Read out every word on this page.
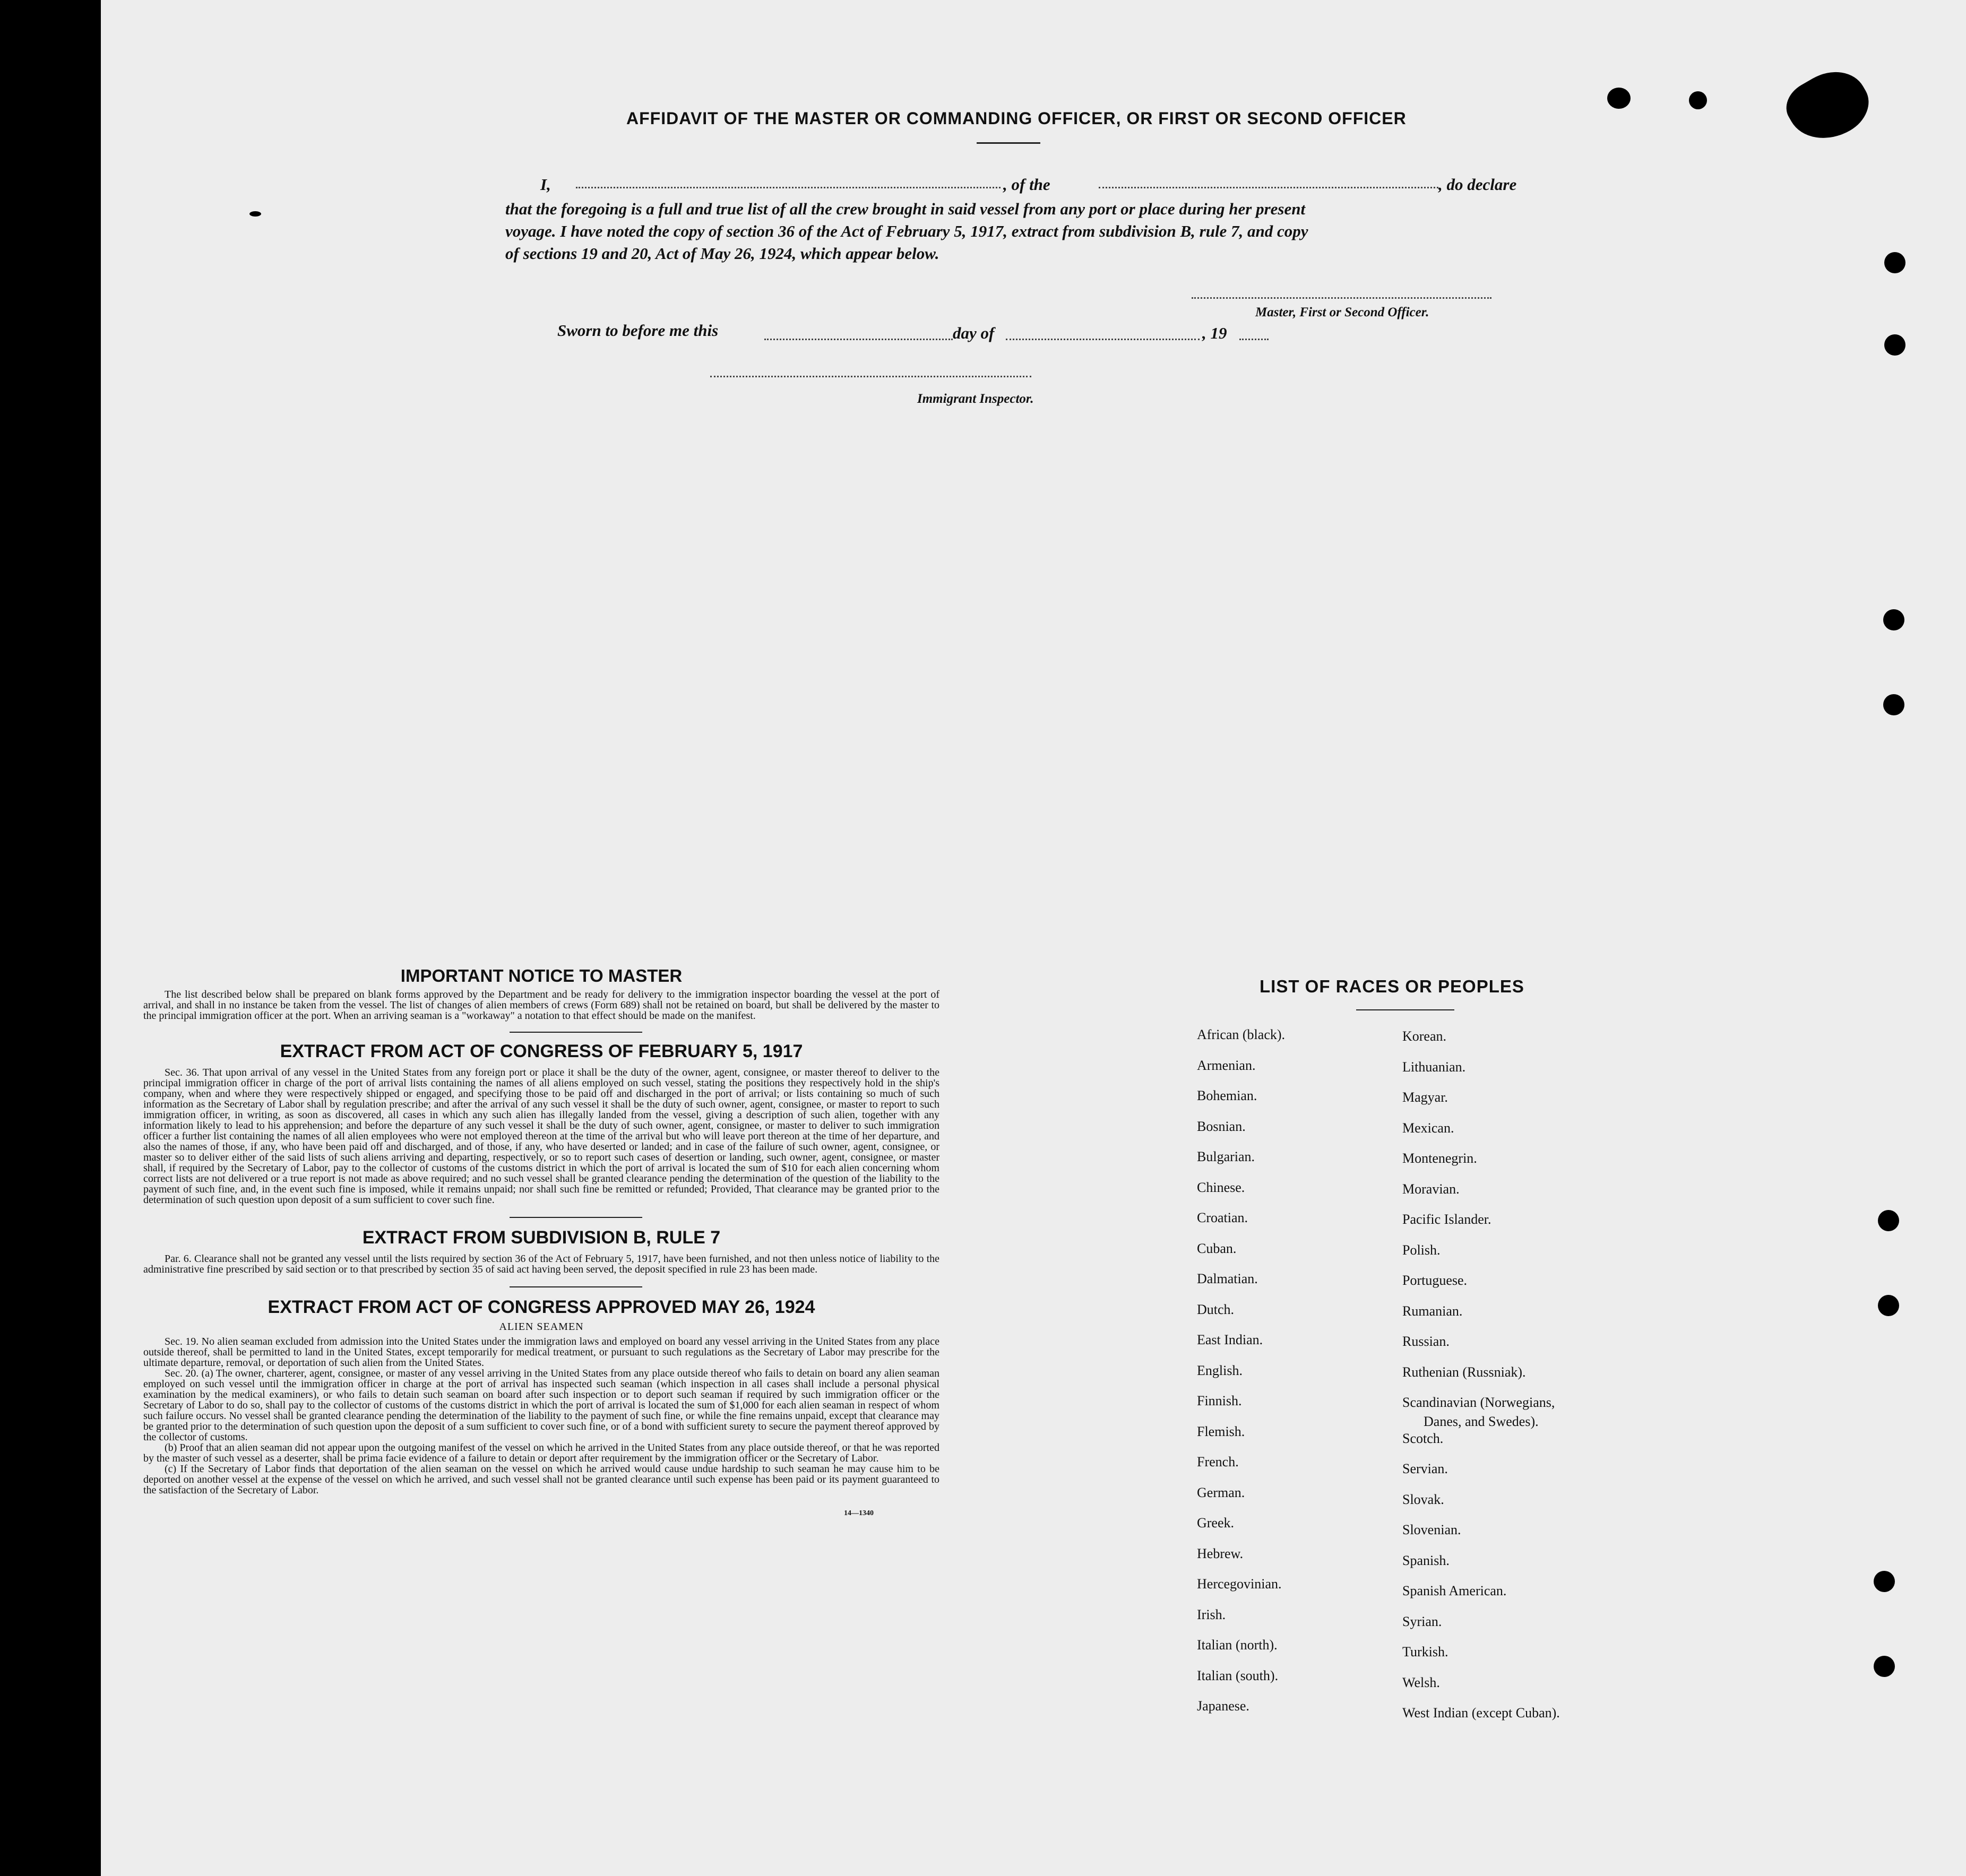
AFFIDAVIT OF THE MASTER OR COMMANDING OFFICER, OR FIRST OR SECOND OFFICER
I,	, of the	, do declare
that the foregoing is a full and true list of all the crew brought in said vessel from any port or place during her present
voyage. I have noted the copy of section 36 of the Act of February 5, 1917, extract from subdivision B, rule 7, and copy
of sections 19 and 20, Act of May 26, 1924, which appear below.
Master, First or Second Officer.
Sworn to before me this	day of	, 19
Immigrant Inspector.
IMPORTANT NOTICE TO MASTER

The list described below shall be prepared on blank forms approved by the Department and be ready for delivery to the immigration inspector boarding the vessel at the port of arrival, and shall in no instance be taken from the vessel. The list of changes of alien members of crews (Form 689) shall not be retained on board, but shall be delivered by the master to the principal immigration officer at the port. When an arriving seaman is a "workaway" a notation to that effect should be made on the manifest.

EXTRACT FROM ACT OF CONGRESS OF FEBRUARY 5, 1917

Sec. 36. That upon arrival of any vessel in the United States from any foreign port or place it shall be the duty of the owner, agent, consignee, or master thereof to deliver to the principal immigration officer in charge of the port of arrival lists containing the names of all aliens employed on such vessel, stating the positions they respectively hold in the ship's company, when and where they were respectively shipped or engaged, and specifying those to be paid off and discharged in the port of arrival; or lists containing so much of such information as the Secretary of Labor shall by regulation prescribe; and after the arrival of any such vessel it shall be the duty of such owner, agent, consignee, or master to report to such immigration officer, in writing, as soon as discovered, all cases in which any such alien has illegally landed from the vessel, giving a description of such alien, together with any information likely to lead to his apprehension; and before the departure of any such vessel it shall be the duty of such owner, agent, consignee, or master to deliver to such immigration officer a further list containing the names of all alien employees who were not employed thereon at the time of the arrival but who will leave port thereon at the time of her departure, and also the names of those, if any, who have been paid off and discharged, and of those, if any, who have deserted or landed; and in case of the failure of such owner, agent, consignee, or master so to deliver either of the said lists of such aliens arriving and departing, respectively, or so to report such cases of desertion or landing, such owner, agent, consignee, or master shall, if required by the Secretary of Labor, pay to the collector of customs of the customs district in which the port of arrival is located the sum of $10 for each alien concerning whom correct lists are not delivered or a true report is not made as above required; and no such vessel shall be granted clearance pending the determination of the question of the liability to the payment of such fine, and, in the event such fine is imposed, while it remains unpaid; nor shall such fine be remitted or refunded; Provided, That clearance may be granted prior to the determination of such question upon deposit of a sum sufficient to cover such fine.

EXTRACT FROM SUBDIVISION B, RULE 7

Par. 6. Clearance shall not be granted any vessel until the lists required by section 36 of the Act of February 5, 1917, have been furnished, and not then unless notice of liability to the administrative fine prescribed by said section or to that prescribed by section 35 of said act having been served, the deposit specified in rule 23 has been made.

EXTRACT FROM ACT OF CONGRESS APPROVED MAY 26, 1924
ALIEN SEAMEN

Sec. 19. No alien seaman excluded from admission into the United States under the immigration laws and employed on board any vessel arriving in the United States from any place outside thereof, shall be permitted to land in the United States, except temporarily for medical treatment, or pursuant to such regulations as the Secretary of Labor may prescribe for the ultimate departure, removal, or deportation of such alien from the United States.

Sec. 20. (a) The owner, charterer, agent, consignee, or master of any vessel arriving in the United States from any place outside thereof who fails to detain on board any alien seaman employed on such vessel until the immigration officer in charge at the port of arrival has inspected such seaman (which inspection in all cases shall include a personal physical examination by the medical examiners), or who fails to detain such seaman on board after such inspection or to deport such seaman if required by such immigration officer or the Secretary of Labor to do so, shall pay to the collector of customs of the customs district in which the port of arrival is located the sum of $1,000 for each alien seaman in respect of whom such failure occurs. No vessel shall be granted clearance pending the determination of the liability to the payment of such fine, or while the fine remains unpaid, except that clearance may be granted prior to the determination of such question upon the deposit of a sum sufficient to cover such fine, or of a bond with sufficient surety to secure the payment thereof approved by the collector of customs.

(b) Proof that an alien seaman did not appear upon the outgoing manifest of the vessel on which he arrived in the United States from any place outside thereof, or that he was reported by the master of such vessel as a deserter, shall be prima facie evidence of a failure to detain or deport after requirement by the immigration officer or the Secretary of Labor.

(c) If the Secretary of Labor finds that deportation of the alien seaman on the vessel on which he arrived would cause undue hardship to such seaman he may cause him to be deported on another vessel at the expense of the vessel on which he arrived, and such vessel shall not be granted clearance until such expense has been paid or its payment guaranteed to the satisfaction of the Secretary of Labor.

14—1340
LIST OF RACES OR PEOPLES
African (black).
Armenian.
Bohemian.
Bosnian.
Bulgarian.
Chinese.
Croatian.
Cuban.
Dalmatian.
Dutch.
East Indian.
English.
Finnish.
Flemish.
French.
German.
Greek.
Hebrew.
Hercegovinian.
Irish.
Italian (north).
Italian (south).
Japanese.
Korean.
Lithuanian.
Magyar.
Mexican.
Montenegrin.
Moravian.
Pacific Islander.
Polish.
Portuguese.
Rumanian.
Russian.
Ruthenian (Russniak).
Scandinavian (Norwegians,
Danes, and Swedes).
Scotch.
Servian.
Slovak.
Slovenian.
Spanish.
Spanish American.
Syrian.
Turkish.
Welsh.
West Indian (except Cuban).
